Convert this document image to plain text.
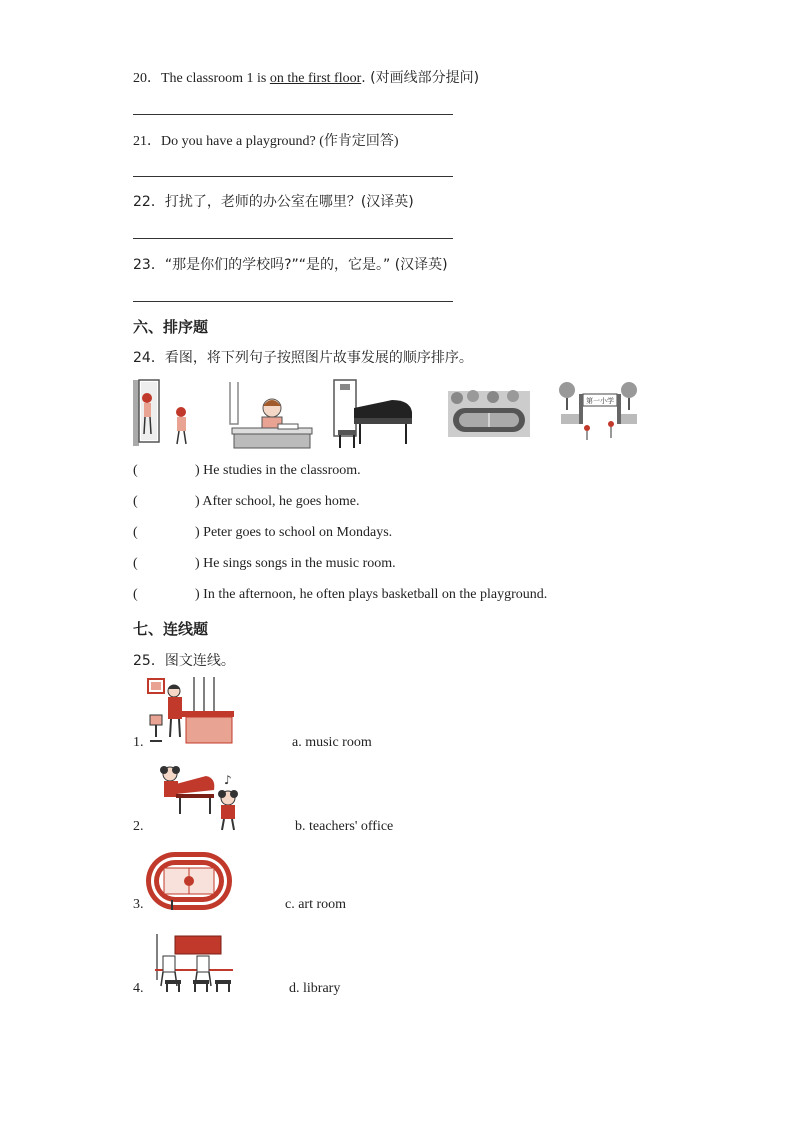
20．The classroom 1 is on the first floor. (对画线部分提问)
21．Do you have a playground? (作肯定回答)
22．打扰了，老师的办公室在哪里？(汉译英)
23．“那是你们的学校吗?”“是的，它是。” (汉译英)
六、排序题
24．看图，将下列句子按照图片故事发展的顺序排序。
第一小学
(	) He studies in the classroom.
(	) After school, he goes home.
(	) Peter goes to school on Mondays.
(	) He sings songs in the music room.
(	) In the afternoon, he often plays basketball on the playground.
七、连线题
25．图文连线。
1.	a. music room
♪
2.	b. teachers' office
3.	c. art room
4.	d. library
